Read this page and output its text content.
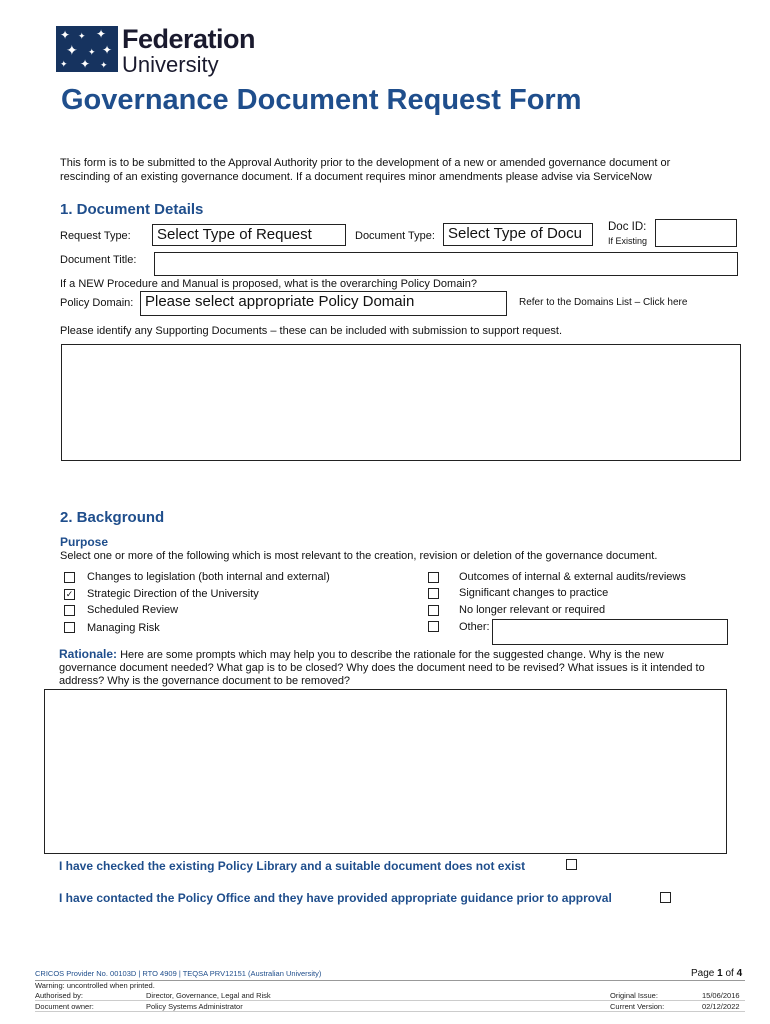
✦ ✦ ✦
✦ ✦ ✦
✦ ✦ ✦
Federation
University
Governance Document Request Form
This form is to be submitted to the Approval Authority prior to the development of a new or amended governance document or rescinding of an existing governance document. If a document requires minor amendments please advise via ServiceNow
1. Document Details
Request Type:	Select Type of Request	Document Type: Select Type of Docu	Doc ID:
If Existing
Document Title:
If a NEW Procedure and Manual is proposed, what is the overarching Policy Domain?
Policy Domain: Please select appropriate Policy Domain	Refer to the Domains List – Click here
Please identify any Supporting Documents – these can be included with submission to support request.
2. Background
Purpose
Select one or more of the following which is most relevant to the creation, revision or deletion of the governance document.
Changes to legislation (both internal and external)
✓ Strategic Direction of the University
Scheduled Review
Managing Risk
Outcomes of internal & external audits/reviews
Significant changes to practice
No longer relevant or required
Other:
Rationale: Here are some prompts which may help you to describe the rationale for the suggested change. Why is the new governance document needed? What gap is to be closed? Why does the document need to be revised? What issues is it intended to address? Why is the governance document to be removed?
I have checked the existing Policy Library and a suitable document does not exist
I have contacted the Policy Office and they have provided appropriate guidance prior to approval
CRICOS Provider No. 00103D | RTO 4909 | TEQSA PRV12151 (Australian University)	Page 1 of 4
Warning: uncontrolled when printed.
Authorised by:	Director, Governance, Legal and Risk	Original Issue:	15/06/2016
Document owner:	Policy Systems Administrator	Current Version:	02/12/2022
